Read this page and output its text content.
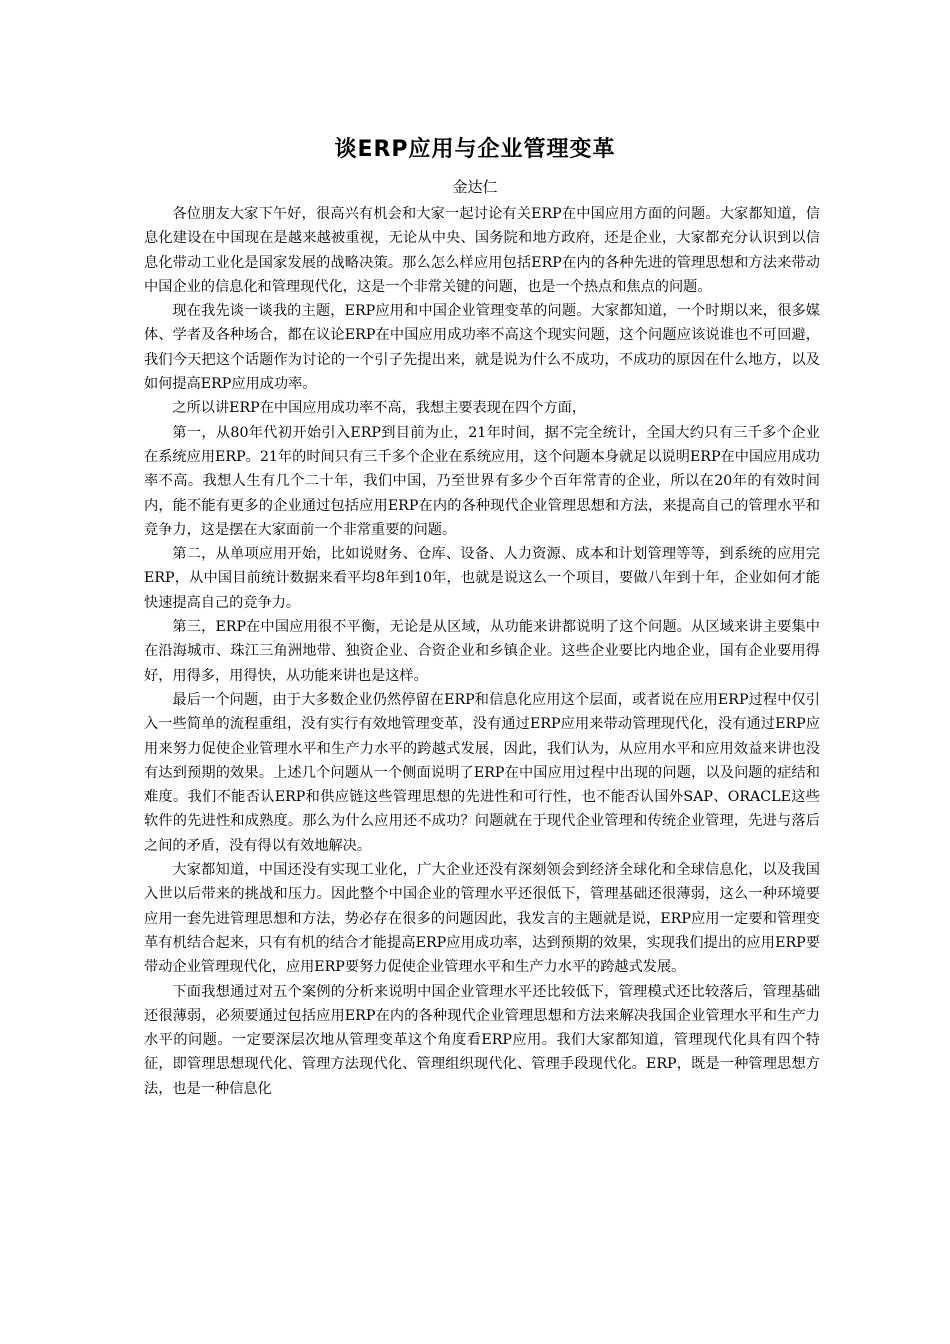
谈ERP应用与企业管理变革
金达仁

各位朋友大家下午好，很高兴有机会和大家一起讨论有关ERP在中国应用方面的问题。大家都知道，信息化建设在中国现在是越来越被重视，无论从中央、国务院和地方政府，还是企业，大家都充分认识到以信息化带动工业化是国家发展的战略决策。那么怎么样应用包括ERP在内的各种先进的管理思想和方法来带动中国企业的信息化和管理现代化，这是一个非常关键的问题，也是一个热点和焦点的问题。

现在我先谈一谈我的主题，ERP应用和中国企业管理变革的问题。大家都知道，一个时期以来，很多媒体、学者及各种场合，都在议论ERP在中国应用成功率不高这个现实问题，这个问题应该说谁也不可回避，我们今天把这个话题作为讨论的一个引子先提出来，就是说为什么不成功，不成功的原因在什么地方，以及如何提高ERP应用成功率。

之所以讲ERP在中国应用成功率不高，我想主要表现在四个方面，

第一，从80年代初开始引入ERP到目前为止，21年时间，据不完全统计，全国大约只有三千多个企业在系统应用ERP。21年的时间只有三千多个企业在系统应用，这个问题本身就足以说明ERP在中国应用成功率不高。我想人生有几个二十年，我们中国，乃至世界有多少个百年常青的企业，所以在20年的有效时间内，能不能有更多的企业通过包括应用ERP在内的各种现代企业管理思想和方法，来提高自己的管理水平和竞争力，这是摆在大家面前一个非常重要的问题。

第二，从单项应用开始，比如说财务、仓库、设备、人力资源、成本和计划管理等等，到系统的应用完ERP，从中国目前统计数据来看平均8年到10年，也就是说这么一个项目，要做八年到十年，企业如何才能快速提高自己的竞争力。

第三，ERP在中国应用很不平衡，无论是从区域，从功能来讲都说明了这个问题。从区域来讲主要集中在沿海城市、珠江三角洲地带、独资企业、合资企业和乡镇企业。这些企业要比内地企业，国有企业要用得好，用得多，用得快，从功能来讲也是这样。

最后一个问题，由于大多数企业仍然停留在ERP和信息化应用这个层面，或者说在应用ERP过程中仅引入一些简单的流程重组，没有实行有效地管理变革，没有通过ERP应用来带动管理现代化，没有通过ERP应用来努力促使企业管理水平和生产力水平的跨越式发展，因此，我们认为，从应用水平和应用效益来讲也没有达到预期的效果。上述几个问题从一个侧面说明了ERP在中国应用过程中出现的问题，以及问题的症结和难度。我们不能否认ERP和供应链这些管理思想的先进性和可行性，也不能否认国外SAP、ORACLE这些软件的先进性和成熟度。那么为什么应用还不成功？问题就在于现代企业管理和传统企业管理，先进与落后之间的矛盾，没有得以有效地解决。

大家都知道，中国还没有实现工业化，广大企业还没有深刻领会到经济全球化和全球信息化，以及我国入世以后带来的挑战和压力。因此整个中国企业的管理水平还很低下，管理基础还很薄弱，这么一种环境要应用一套先进管理思想和方法，势必存在很多的问题因此，我发言的主题就是说，ERP应用一定要和管理变革有机结合起来，只有有机的结合才能提高ERP应用成功率，达到预期的效果，实现我们提出的应用ERP要带动企业管理现代化，应用ERP要努力促使企业管理水平和生产力水平的跨越式发展。

下面我想通过对五个案例的分析来说明中国企业管理水平还比较低下，管理模式还比较落后，管理基础还很薄弱，必须要通过包括应用ERP在内的各种现代企业管理思想和方法来解决我国企业管理水平和生产力水平的问题。一定要深层次地从管理变革这个角度看ERP应用。我们大家都知道，管理现代化具有四个特征，即管理思想现代化、管理方法现代化、管理组织现代化、管理手段现代化。ERP，既是一种管理思想方法，也是一种信息化
